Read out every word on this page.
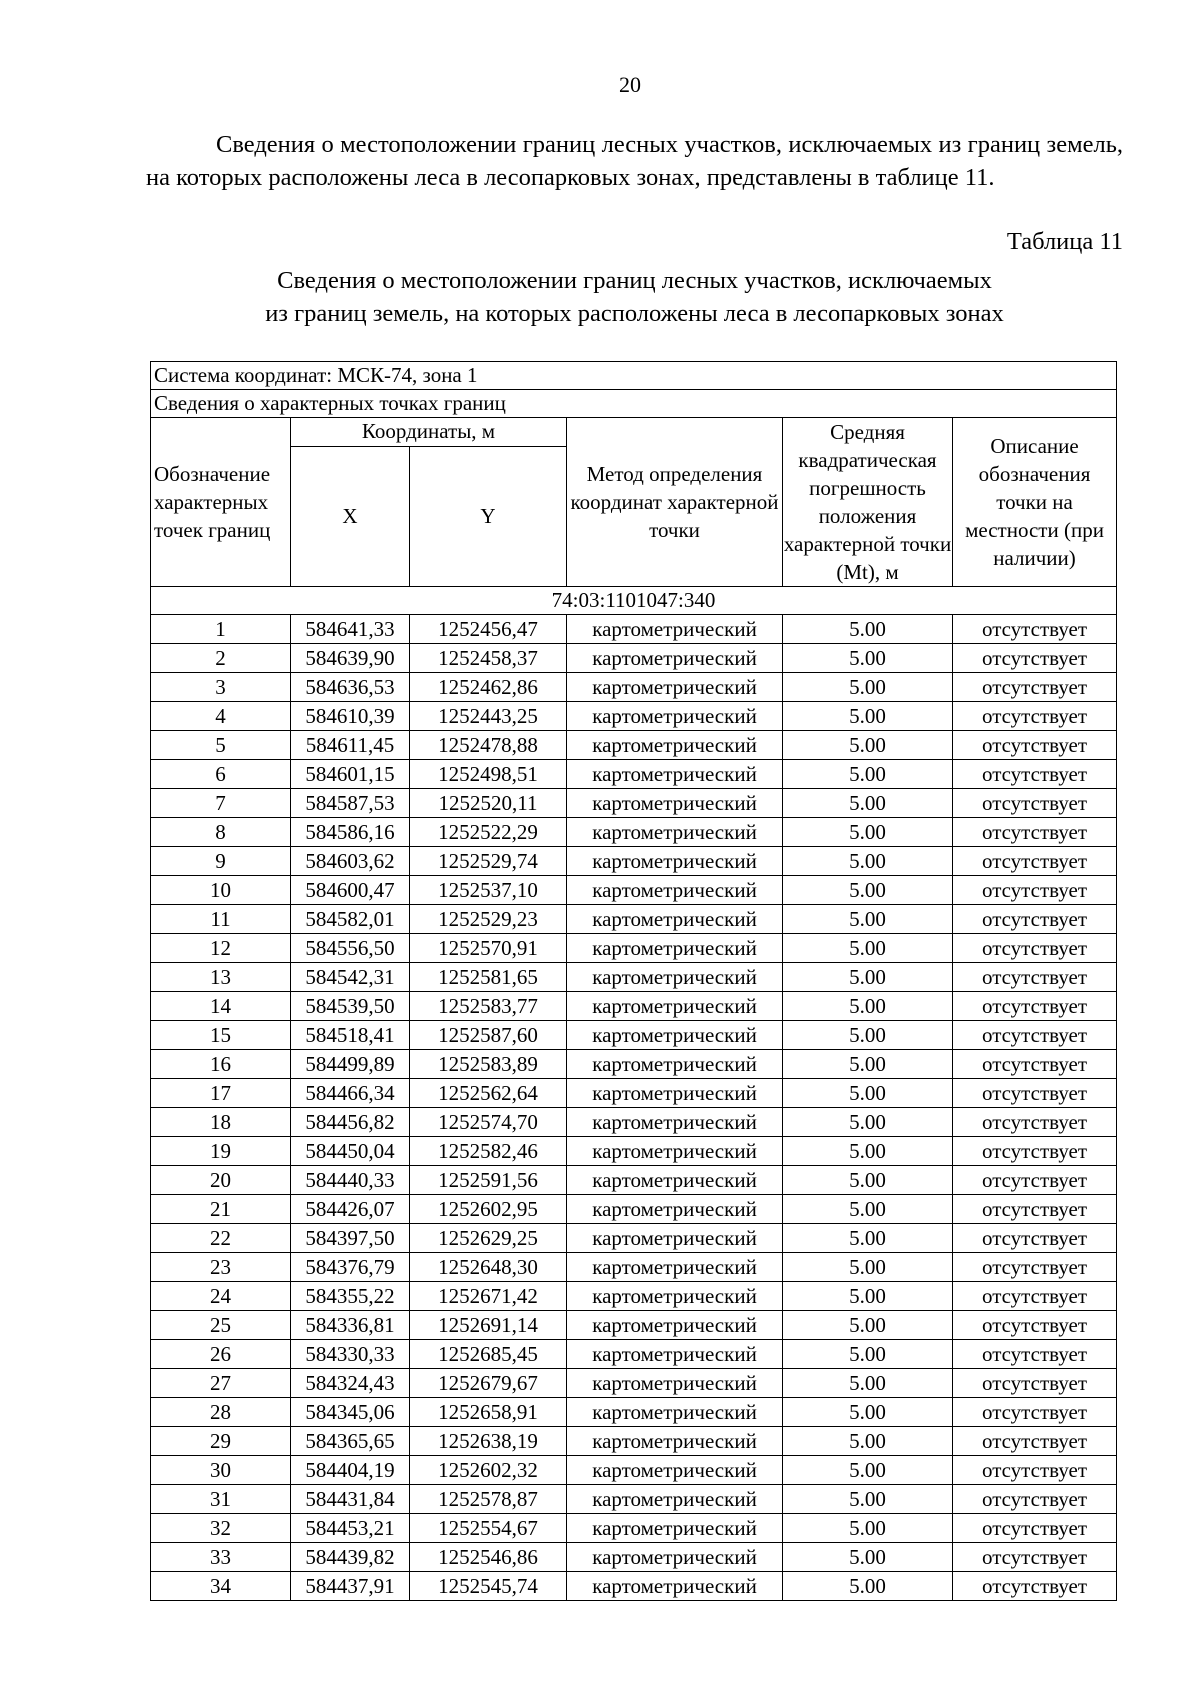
20

Сведения о местоположении границ лесных участков, исключаемых из границ земель, на которых расположены леса в лесопарковых зонах, представлены в таблице 11.

Таблица 11
Сведения о местоположении границ лесных участков, исключаемых
из границ земель, на которых расположены леса в лесопарковых зонах
Система координат: МСК-74, зона 1					
Сведения о характерных точках границ					
Обозначение характерных точек границ	Координаты, м		Метод определения координат характерной точки	Средняя квадратическая погрешность положения характерной точки (Mt), м	Описание обозначения точки на местности (при наличии)
	X	Y			
74:03:1101047:340					
1	584641,33	1252456,47	картометрический	5.00	отсутствует
2	584639,90	1252458,37	картометрический	5.00	отсутствует
3	584636,53	1252462,86	картометрический	5.00	отсутствует
4	584610,39	1252443,25	картометрический	5.00	отсутствует
5	584611,45	1252478,88	картометрический	5.00	отсутствует
6	584601,15	1252498,51	картометрический	5.00	отсутствует
7	584587,53	1252520,11	картометрический	5.00	отсутствует
8	584586,16	1252522,29	картометрический	5.00	отсутствует
9	584603,62	1252529,74	картометрический	5.00	отсутствует
10	584600,47	1252537,10	картометрический	5.00	отсутствует
11	584582,01	1252529,23	картометрический	5.00	отсутствует
12	584556,50	1252570,91	картометрический	5.00	отсутствует
13	584542,31	1252581,65	картометрический	5.00	отсутствует
14	584539,50	1252583,77	картометрический	5.00	отсутствует
15	584518,41	1252587,60	картометрический	5.00	отсутствует
16	584499,89	1252583,89	картометрический	5.00	отсутствует
17	584466,34	1252562,64	картометрический	5.00	отсутствует
18	584456,82	1252574,70	картометрический	5.00	отсутствует
19	584450,04	1252582,46	картометрический	5.00	отсутствует
20	584440,33	1252591,56	картометрический	5.00	отсутствует
21	584426,07	1252602,95	картометрический	5.00	отсутствует
22	584397,50	1252629,25	картометрический	5.00	отсутствует
23	584376,79	1252648,30	картометрический	5.00	отсутствует
24	584355,22	1252671,42	картометрический	5.00	отсутствует
25	584336,81	1252691,14	картометрический	5.00	отсутствует
26	584330,33	1252685,45	картометрический	5.00	отсутствует
27	584324,43	1252679,67	картометрический	5.00	отсутствует
28	584345,06	1252658,91	картометрический	5.00	отсутствует
29	584365,65	1252638,19	картометрический	5.00	отсутствует
30	584404,19	1252602,32	картометрический	5.00	отсутствует
31	584431,84	1252578,87	картометрический	5.00	отсутствует
32	584453,21	1252554,67	картометрический	5.00	отсутствует
33	584439,82	1252546,86	картометрический	5.00	отсутствует
34	584437,91	1252545,74	картометрический	5.00	отсутствует
